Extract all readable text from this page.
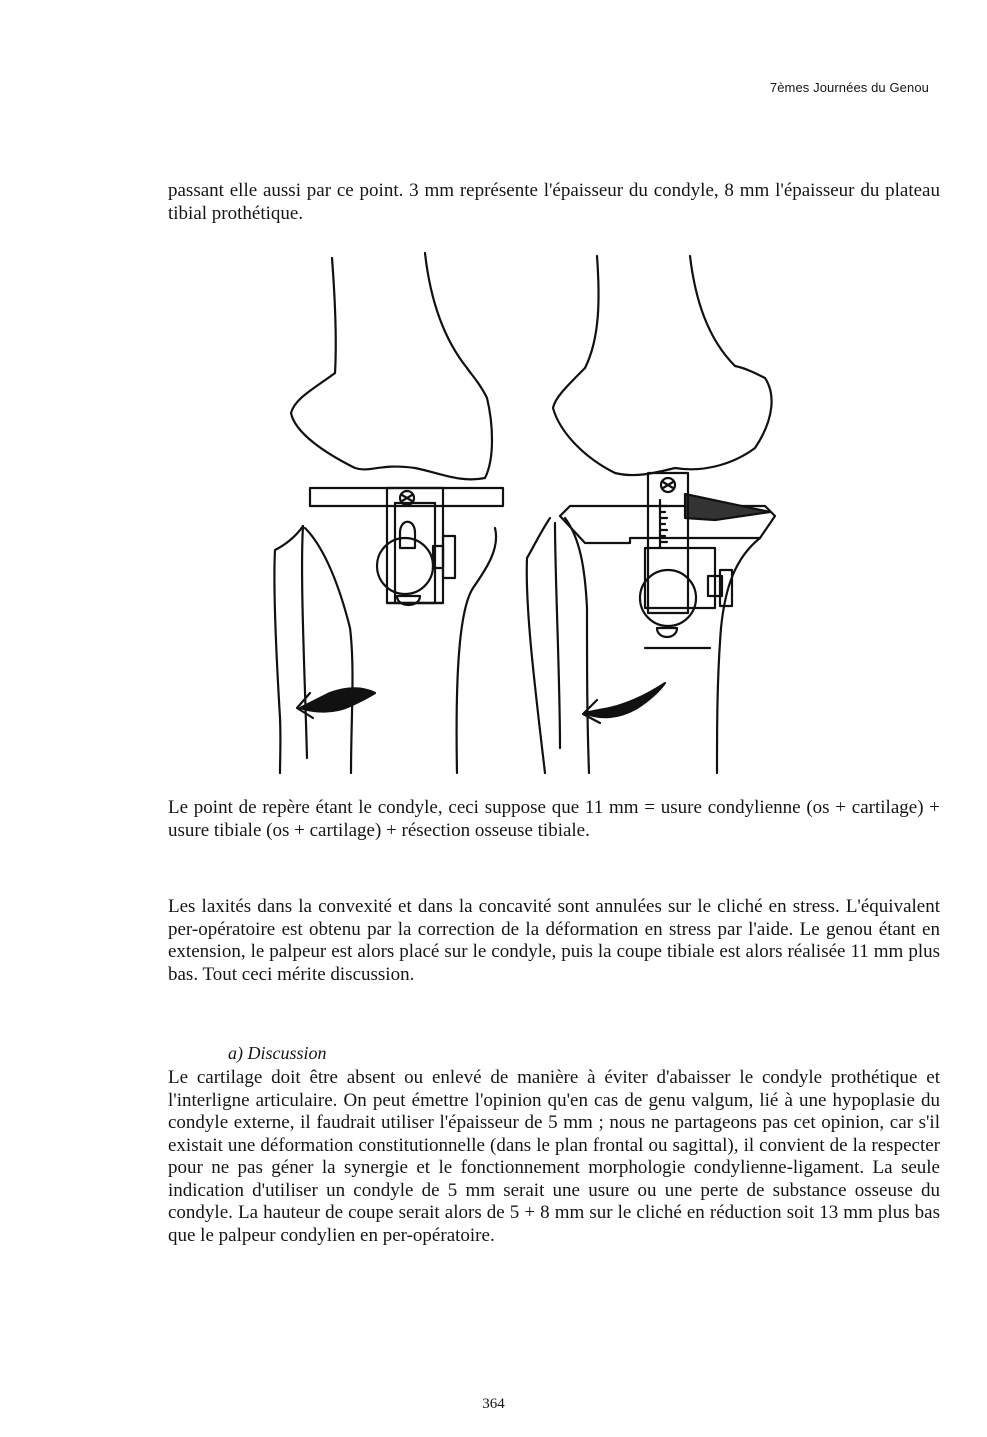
7èmes Journées du Genou

passant elle aussi par ce point. 3 mm représente l'épaisseur du condyle, 8 mm l'épaisseur du plateau tibial prothétique.

Le point de repère étant le condyle, ceci suppose que 11 mm = usure condylienne (os + cartilage) + usure tibiale (os + cartilage) + résection osseuse tibiale.

Les laxités dans la convexité et dans la concavité sont annulées sur le cliché en stress. L'équivalent per-opératoire est obtenu par la correction de la déformation en stress par l'aide. Le genou étant en extension, le palpeur est alors placé sur le condyle, puis la coupe tibiale est alors réalisée 11 mm plus bas. Tout ceci mérite discussion.

a) Discussion

Le cartilage doit être absent ou enlevé de manière à éviter d'abaisser le condyle prothétique et l'interligne articulaire. On peut émettre l'opinion qu'en cas de genu valgum, lié à une hypoplasie du condyle externe, il faudrait utiliser l'épaisseur de 5 mm ; nous ne partageons pas cet opinion, car s'il existait une déformation constitutionnelle (dans le plan frontal ou sagittal), il convient de la respecter pour ne pas géner la synergie et le fonctionnement morphologie condylienne-ligament. La seule indication d'utiliser un condyle de 5 mm serait une usure ou une perte de substance osseuse du condyle. La hauteur de coupe serait alors de 5 + 8 mm sur le cliché en réduction soit 13 mm plus bas que le palpeur condylien en per-opératoire.

364
